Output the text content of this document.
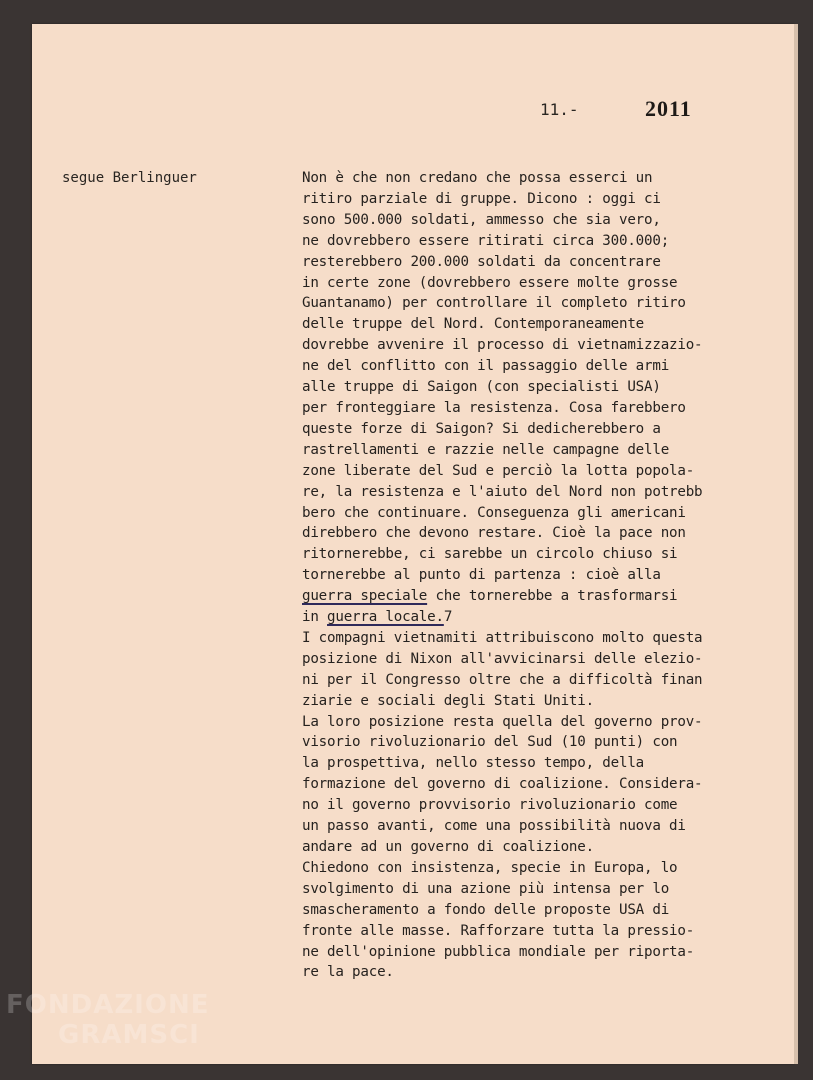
11.-	2011
segue Berlinguer	Non è che non credano che possa esserci un
ritiro parziale di gruppe. Dicono : oggi ci
sono 500.000 soldati, ammesso che sia vero,
ne dovrebbero essere ritirati circa 300.000;
resterebbero 200.000 soldati da concentrare
in certe zone (dovrebbero essere molte grosse
Guantanamo) per controllare il completo ritiro
delle truppe del Nord. Contemporaneamente
dovrebbe avvenire il processo di vietnamizzazio-
ne del conflitto con il passaggio delle armi
alle truppe di Saigon (con specialisti USA)
per fronteggiare la resistenza. Cosa farebbero
queste forze di Saigon? Si dedicherebbero a
rastrellamenti e razzie nelle campagne delle
zone liberate del Sud e perciò la lotta popola-
re, la resistenza e l'aiuto del Nord non potrebb
bero che continuare. Conseguenza gli americani
direbbero che devono restare. Cioè la pace non
ritornerebbe, ci sarebbe un circolo chiuso si
tornerebbe al punto di partenza : cioè alla
guerra speciale che tornerebbe a trasformarsi
in guerra locale.7
I compagni vietnamiti attribuiscono molto questa
posizione di Nixon all'avvicinarsi delle elezio-
ni per il Congresso oltre che a difficoltà finan
ziarie e sociali degli Stati Uniti.
La loro posizione resta quella del governo prov-
visorio rivoluzionario del Sud (10 punti) con
la prospettiva, nello stesso tempo, della
formazione del governo di coalizione. Considera-
no il governo provvisorio rivoluzionario come
un passo avanti, come una possibilità nuova di
andare ad un governo di coalizione.
Chiedono con insistenza, specie in Europa, lo
svolgimento di una azione più intensa per lo
smascheramento a fondo delle proposte USA di
fronte alle masse. Rafforzare tutta la pressio-
ne dell'opinione pubblica mondiale per riporta-
re la pace.
FONDAZIONE
GRAMSCI
